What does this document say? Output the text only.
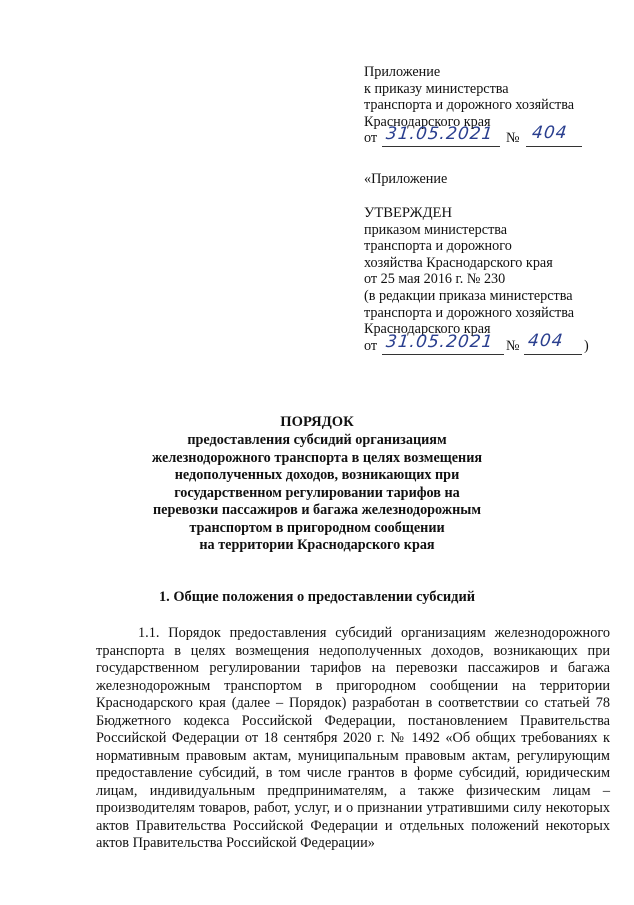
Приложение
к приказу министерства
транспорта и дорожного хозяйства
Краснодарского края
от 31.05.2021 № 404
«Приложение
УТВЕРЖДЕН
приказом министерства
транспорта и дорожного
хозяйства Краснодарского края
от 25 мая 2016 г. № 230
(в редакции приказа министерства
транспорта и дорожного хозяйства
Краснодарского края
от 31.05.2021 № 404 )
ПОРЯДОК
предоставления субсидий организациям
железнодорожного транспорта в целях возмещения
недополученных доходов, возникающих при
государственном регулировании тарифов на
перевозки пассажиров и багажа железнодорожным
транспортом в пригородном сообщении
на территории Краснодарского края
1. Общие положения о предоставлении субсидий
1.1. Порядок предоставления субсидий организациям железнодорожного транспорта в целях возмещения недополученных доходов, возникающих при государственном регулировании тарифов на перевозки пассажиров и багажа железнодорожным транспортом в пригородном сообщении на территории Краснодарского края (далее – Порядок) разработан в соответствии со статьей 78 Бюджетного кодекса Российской Федерации, постановлением Правительства Российской Федерации от 18 сентября 2020 г. № 1492 «Об общих требованиях к нормативным правовым актам, муниципальным правовым актам, регулирующим предоставление субсидий, в том числе грантов в форме субсидий, юридическим лицам, индивидуальным предпринимателям, а также физическим лицам – производителям товаров, работ, услуг, и о признании утратившими силу некоторых актов Правительства Российской Федерации и отдельных положений некоторых актов Правительства Российской Федерации»
